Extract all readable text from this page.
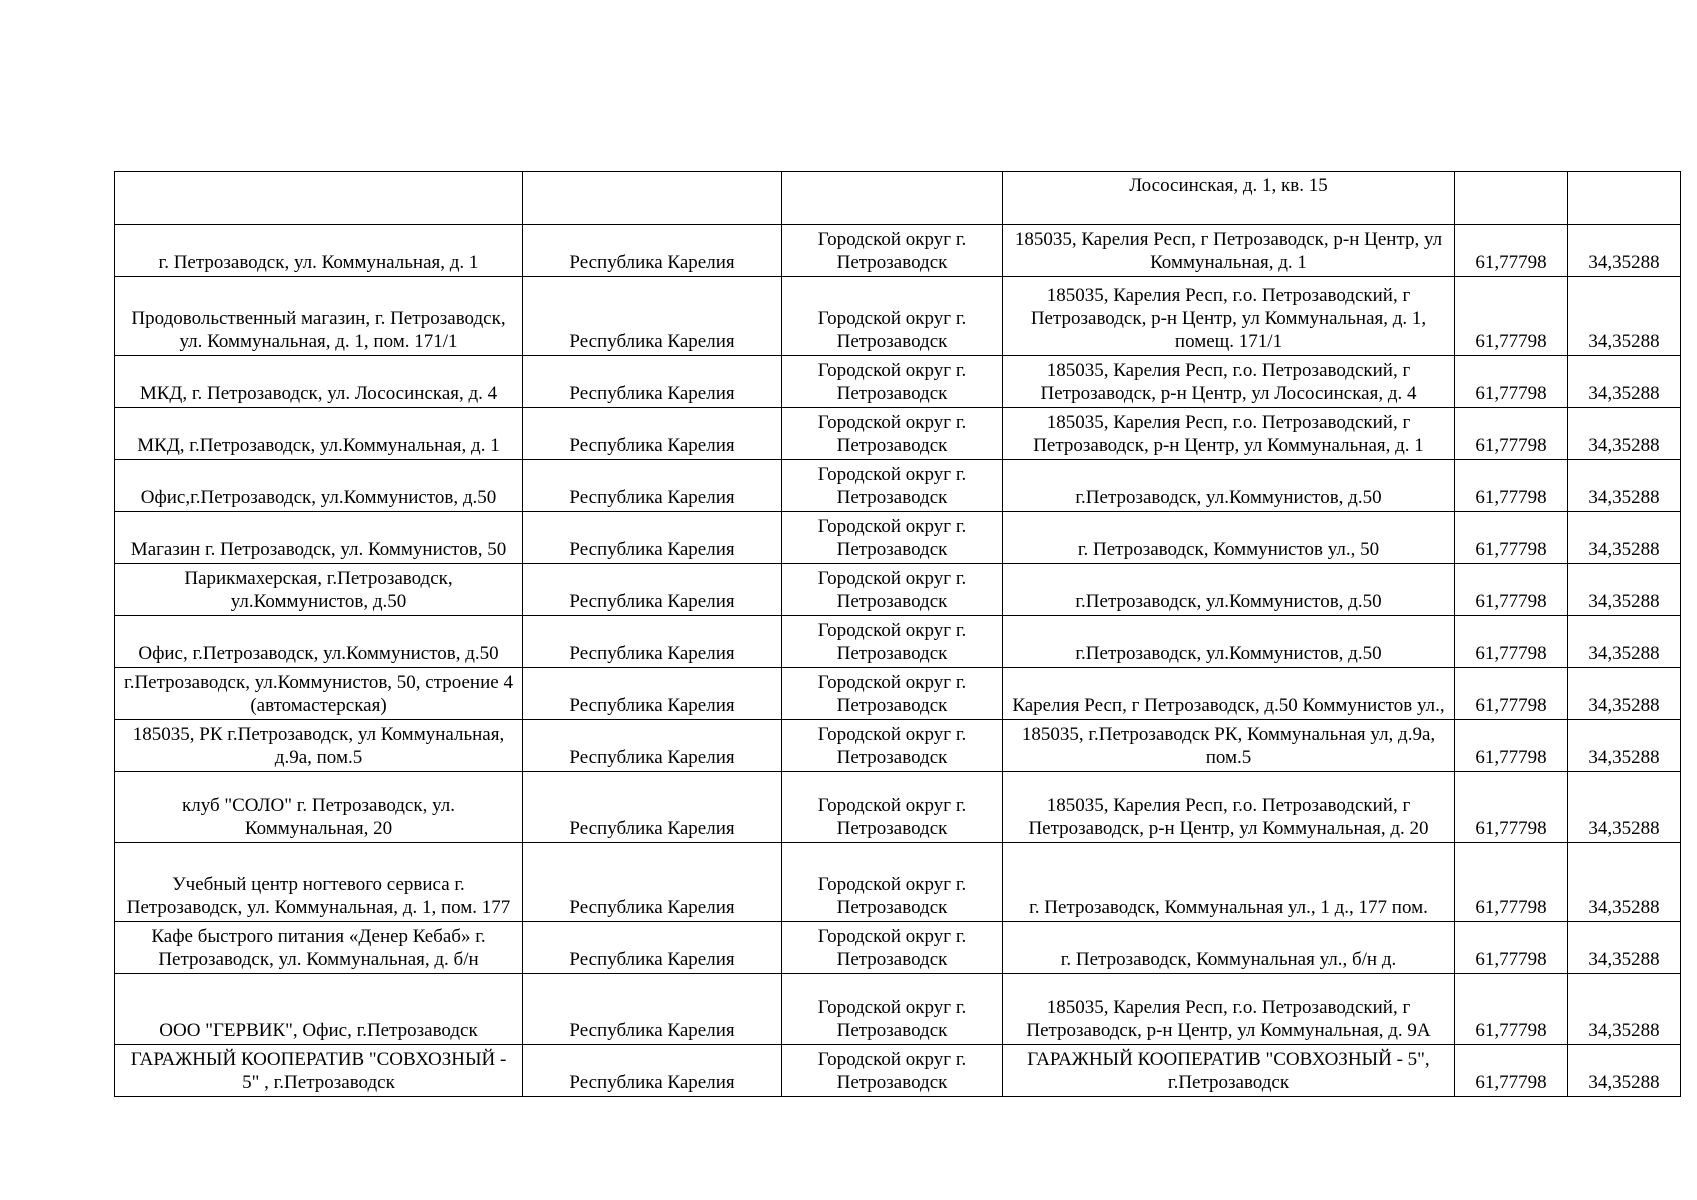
			Лососинская, д. 1, кв. 15		
г. Петрозаводск, ул. Коммунальная, д. 1	Республика Карелия	Городской округ г. Петрозаводск	185035, Карелия Респ, г Петрозаводск, р-н Центр, ул Коммунальная, д. 1	61,77798	34,35288
Продовольственный магазин, г. Петрозаводск, ул. Коммунальная, д. 1, пом. 171/1	Республика Карелия	Городской округ г. Петрозаводск	185035, Карелия Респ, г.о. Петрозаводский, г Петрозаводск, р-н Центр, ул Коммунальная, д. 1, помещ. 171/1	61,77798	34,35288
МКД, г. Петрозаводск, ул. Лососинская, д. 4	Республика Карелия	Городской округ г. Петрозаводск	185035, Карелия Респ, г.о. Петрозаводский, г Петрозаводск, р-н Центр, ул Лососинская, д. 4	61,77798	34,35288
МКД, г.Петрозаводск, ул.Коммунальная, д. 1	Республика Карелия	Городской округ г. Петрозаводск	185035, Карелия Респ, г.о. Петрозаводский, г Петрозаводск, р-н Центр, ул Коммунальная, д. 1	61,77798	34,35288
Офис,г.Петрозаводск, ул.Коммунистов, д.50	Республика Карелия	Городской округ г. Петрозаводск	г.Петрозаводск, ул.Коммунистов, д.50	61,77798	34,35288
Магазин г. Петрозаводск, ул. Коммунистов, 50	Республика Карелия	Городской округ г. Петрозаводск	г. Петрозаводск, Коммунистов ул., 50	61,77798	34,35288
Парикмахерская, г.Петрозаводск, ул.Коммунистов, д.50	Республика Карелия	Городской округ г. Петрозаводск	г.Петрозаводск, ул.Коммунистов, д.50	61,77798	34,35288
Офис, г.Петрозаводск, ул.Коммунистов, д.50	Республика Карелия	Городской округ г. Петрозаводск	г.Петрозаводск, ул.Коммунистов, д.50	61,77798	34,35288
г.Петрозаводск, ул.Коммунистов, 50, строение 4 (автомастерская)	Республика Карелия	Городской округ г. Петрозаводск	Карелия Респ, г Петрозаводск, д.50 Коммунистов ул.,	61,77798	34,35288
185035, РК г.Петрозаводск, ул Коммунальная, д.9а, пом.5	Республика Карелия	Городской округ г. Петрозаводск	185035, г.Петрозаводск РК, Коммунальная ул, д.9а, пом.5	61,77798	34,35288
клуб "СОЛО" г. Петрозаводск, ул. Коммунальная, 20	Республика Карелия	Городской округ г. Петрозаводск	185035, Карелия Респ, г.о. Петрозаводский, г Петрозаводск, р-н Центр, ул Коммунальная, д. 20	61,77798	34,35288
Учебный центр ногтевого сервиса г. Петрозаводск, ул. Коммунальная, д. 1, пом. 177	Республика Карелия	Городской округ г. Петрозаводск	г. Петрозаводск, Коммунальная ул., 1 д., 177 пом.	61,77798	34,35288
Кафе быстрого питания «Денер Кебаб» г. Петрозаводск, ул. Коммунальная, д. б/н	Республика Карелия	Городской округ г. Петрозаводск	г. Петрозаводск, Коммунальная ул., б/н д.	61,77798	34,35288
ООО "ГЕРВИК", Офис, г.Петрозаводск	Республика Карелия	Городской округ г. Петрозаводск	185035, Карелия Респ, г.о. Петрозаводский, г Петрозаводск, р-н Центр, ул Коммунальная, д. 9А	61,77798	34,35288
ГАРАЖНЫЙ КООПЕРАТИВ "СОВХОЗНЫЙ - 5" , г.Петрозаводск	Республика Карелия	Городской округ г. Петрозаводск	ГАРАЖНЫЙ КООПЕРАТИВ "СОВХОЗНЫЙ - 5", г.Петрозаводск	61,77798	34,35288
